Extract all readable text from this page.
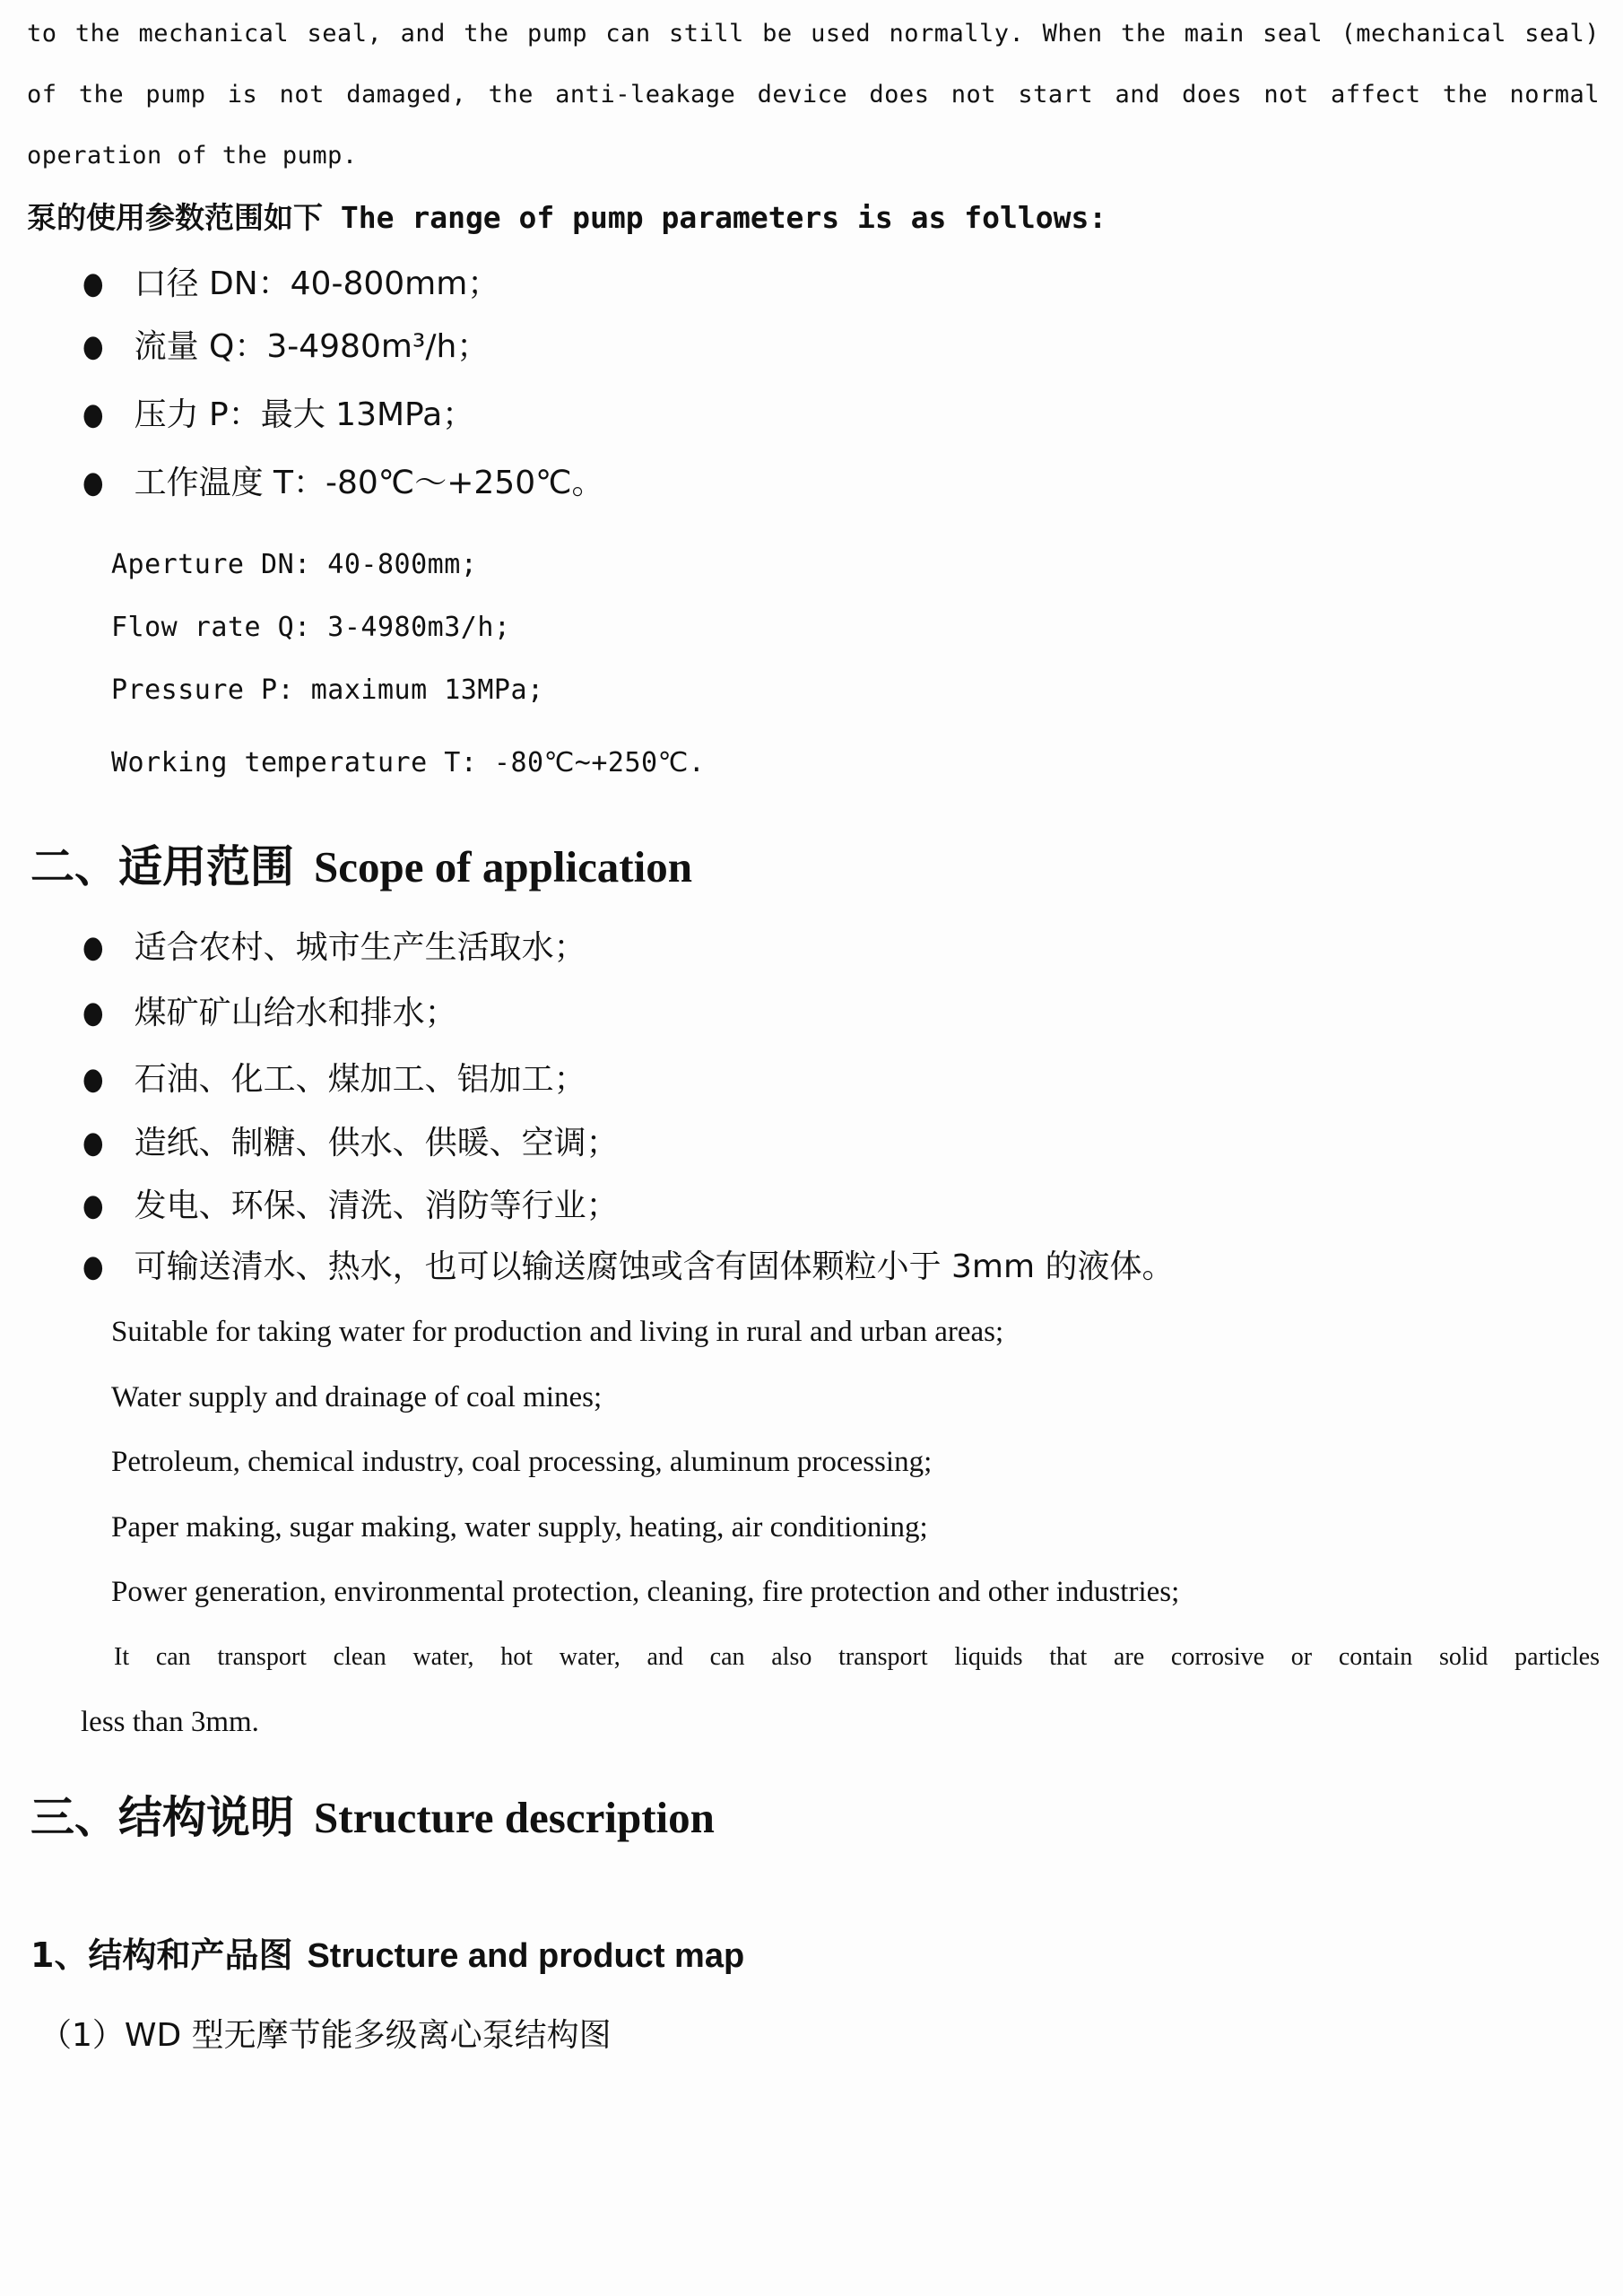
to the mechanical seal, and the pump can still be used normally. When the main seal (mechanical seal)
of the pump is not damaged, the anti-leakage device does not start and does not affect the normal
operation of the pump.
泵的使用参数范围如下 The range of pump parameters is as follows:
● 口径 DN：40-800mm；
● 流量 Q：3-4980m³/h；
● 压力 P：最大 13MPa；
● 工作温度 T：-80℃～+250℃。
Aperture DN: 40-800mm;
Flow rate Q: 3-4980m3/h;
Pressure P: maximum 13MPa;
Working temperature T: -80℃~+250℃.
二、适用范围 Scope of application
● 适合农村、城市生产生活取水；
● 煤矿矿山给水和排水；
● 石油、化工、煤加工、铝加工；
● 造纸、制糖、供水、供暖、空调；
● 发电、环保、清洗、消防等行业；
● 可输送清水、热水，也可以输送腐蚀或含有固体颗粒小于 3mm 的液体。
Suitable for taking water for production and living in rural and urban areas;
Water supply and drainage of coal mines;
Petroleum, chemical industry, coal processing, aluminum processing;
Paper making, sugar making, water supply, heating, air conditioning;
Power generation, environmental protection, cleaning, fire protection and other industries;
It can transport clean water, hot water, and can also transport liquids that are corrosive or contain solid particles
less than 3mm.
三、结构说明 Structure description
1、结构和产品图 Structure and product map
（1）WD 型无摩节能多级离心泵结构图
